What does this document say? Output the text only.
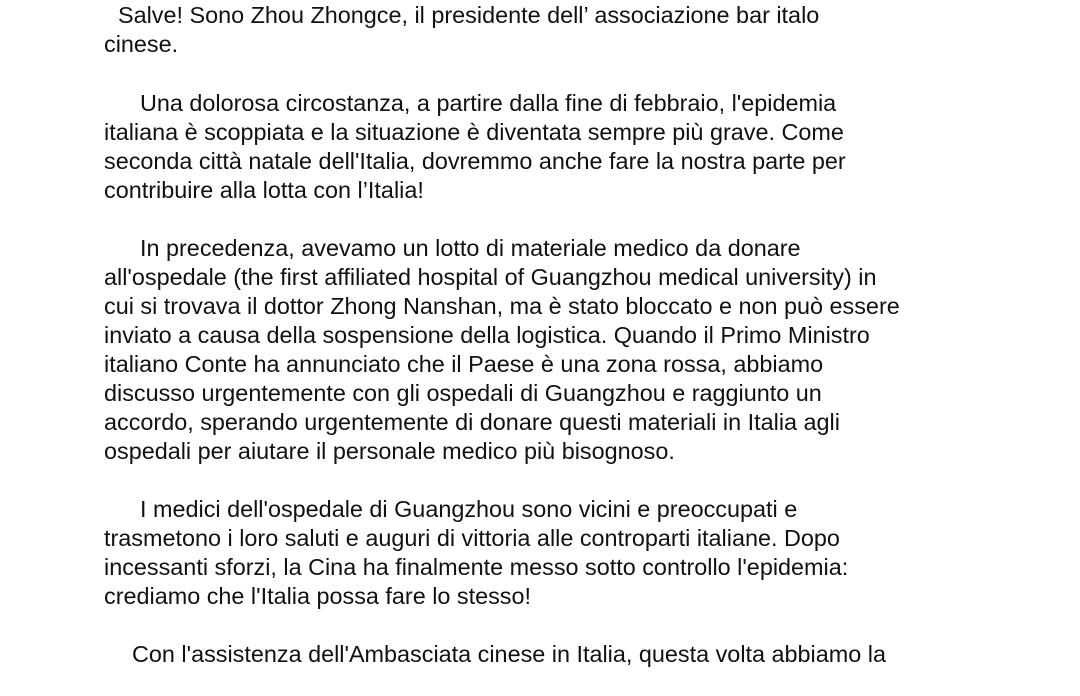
Salve! Sono Zhou Zhongce, il presidente dell’ associazione bar italo
cinese.

Una dolorosa circostanza, a partire dalla fine di febbraio, l'epidemia
italiana è scoppiata e la situazione è diventata sempre più grave. Come
seconda città natale dell'Italia, dovremmo anche fare la nostra parte per
contribuire alla lotta con l’Italia!

In precedenza, avevamo un lotto di materiale medico da donare
all'ospedale (the first affiliated hospital of Guangzhou medical university) in
cui si trovava il dottor Zhong Nanshan, ma è stato bloccato e non può essere
inviato a causa della sospensione della logistica. Quando il Primo Ministro
italiano Conte ha annunciato che il Paese è una zona rossa, abbiamo
discusso urgentemente con gli ospedali di Guangzhou e raggiunto un
accordo, sperando urgentemente di donare questi materiali in Italia agli
ospedali per aiutare il personale medico più bisognoso.

I medici dell'ospedale di Guangzhou sono vicini e preoccupati e
trasmetono i loro saluti e auguri di vittoria alle controparti italiane. Dopo
incessanti sforzi, la Cina ha finalmente messo sotto controllo l'epidemia:
crediamo che l'Italia possa fare lo stesso!

Con l'assistenza dell'Ambasciata cinese in Italia, questa volta abbiamo la
